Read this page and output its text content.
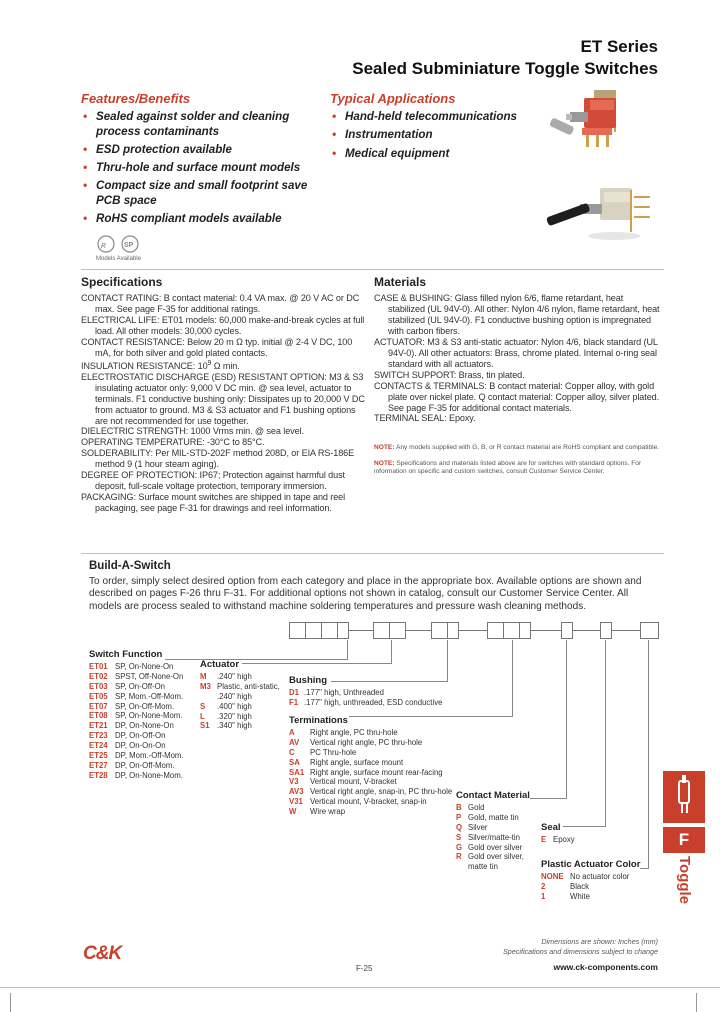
ET Series
Sealed Subminiature Toggle Switches
Features/Benefits
• Sealed against solder and cleaning process contaminants
• ESD protection available
• Thru-hole and surface mount models
• Compact size and small footprint save PCB space
• RoHS compliant models available
ʀ	SP
Models Available
Typical Applications
• Hand-held telecommunications
• Instrumentation
• Medical equipment
Specifications

CONTACT RATING: B contact material: 0.4 VA max. @ 20 V AC or DC max. See page F-35 for additional ratings.

ELECTRICAL LIFE: ET01 models: 60,000 make-and-break cycles at full load. All other models: 30,000 cycles.

CONTACT RESISTANCE: Below 20 m Ω typ. initial @ 2-4 V DC, 100 mA, for both silver and gold plated contacts.

INSULATION RESISTANCE: $10^9$ Ω min.

ELECTROSTATIC DISCHARGE (ESD) RESISTANT OPTION: M3 & S3 insulating actuator only: 9,000 V DC min. @ sea level, actuator to terminals. F1 conductive bushing only: Dissipates up to 20,000 V DC from actuator to ground. M3 & S3 actuator and F1 bushing options are not recommended for use together.

DIELECTRIC STRENGTH: 1000 Vrms min. @ sea level.

OPERATING TEMPERATURE: -30°C to 85°C.

SOLDERABILITY: Per MIL-STD-202F method 208D, or EIA RS-186E method 9 (1 hour steam aging).

DEGREE OF PROTECTION: IP67; Protection against harmful dust deposit, full-scale voltage protection, temporary immersion.

PACKAGING: Surface mount switches are shipped in tape and reel packaging, see page F-31 for drawings and reel information.

Materials

CASE & BUSHING: Glass filled nylon 6/6, flame retardant, heat stabilized (UL 94V-0). All other: Nylon 4/6 nylon, flame retardant, heat stabilized (UL 94V-0). F1 conductive bushing option is impregnated with carbon fibers.

ACTUATOR: M3 & S3 anti-static actuator: Nylon 4/6, black standard (UL 94V-0). All other actuators: Brass, chrome plated. Internal o-ring seal standard with all actuators.

SWITCH SUPPORT: Brass, tin plated.

CONTACTS & TERMINALS: B contact material: Copper alloy, with gold plate over nickel plate. Q contact material: Copper alloy, silver plated. See page F-35 for additional contact materials.

TERMINAL SEAL: Epoxy.

NOTE: Any models supplied with G, B, or R contact material are RoHS compliant and compatible.
NOTE: Specifications and materials listed above are for switches with standard options. For information on specific and custom switches, consult Customer Service Center.
Build-A-Switch
To order, simply select desired option from each category and place in the appropriate box. Available options are shown and described on pages F-26 thru F-31. For additional options not shown in catalog, consult our Customer Service Center. All models are process sealed to withstand machine soldering temperatures and pressure wash cleaning methods.
Switch Function
ET01 SP, On-None-On
ET02 SPST, Off-None-On
ET03 SP, On-Off-On
ET05 SP, Mom.-Off-Mom.
ET07 SP, On-Off-Mom.
ET08 SP, On-None-Mom.
ET21 DP, On-None-On
ET23 DP, On-Off-On
ET24 DP, On-On-On
ET25 DP, Mom.-Off-Mom.
ET27 DP, On-Off-Mom.
ET28 DP, On-None-Mom.
Actuator
M	.240" high
M3 Plastic, anti-static,
.240" high
S	.400" high
L	.320" high
S1 .340" high
Bushing
D1 .177" high, Unthreaded
F1 .177" high, unthreaded, ESD conductive
Terminations
A	Right angle, PC thru-hole
AV	Vertical right angle, PC thru-hole
C	PC Thru-hole
SA	Right angle, surface mount
SA1 Right angle, surface mount rear-facing
V3	Vertical mount, V-bracket
AV3 Vertical right angle, snap-in, PC thru-hole
V31 Vertical mount, V-bracket, snap-in
W	Wire wrap
Contact Material
B Gold
P Gold, matte tin
Q Silver
S Silver/matte-tin
G Gold over silver
R Gold over silver,
matte tin
Seal
E Epoxy
Plastic Actuator Color
NONE No actuator color
2	Black
1	White
F
Toggle
C&K
Dimensions are shown: Inches (mm)
Specifications and dimensions subject to change
F-25	www.ck-components.com
